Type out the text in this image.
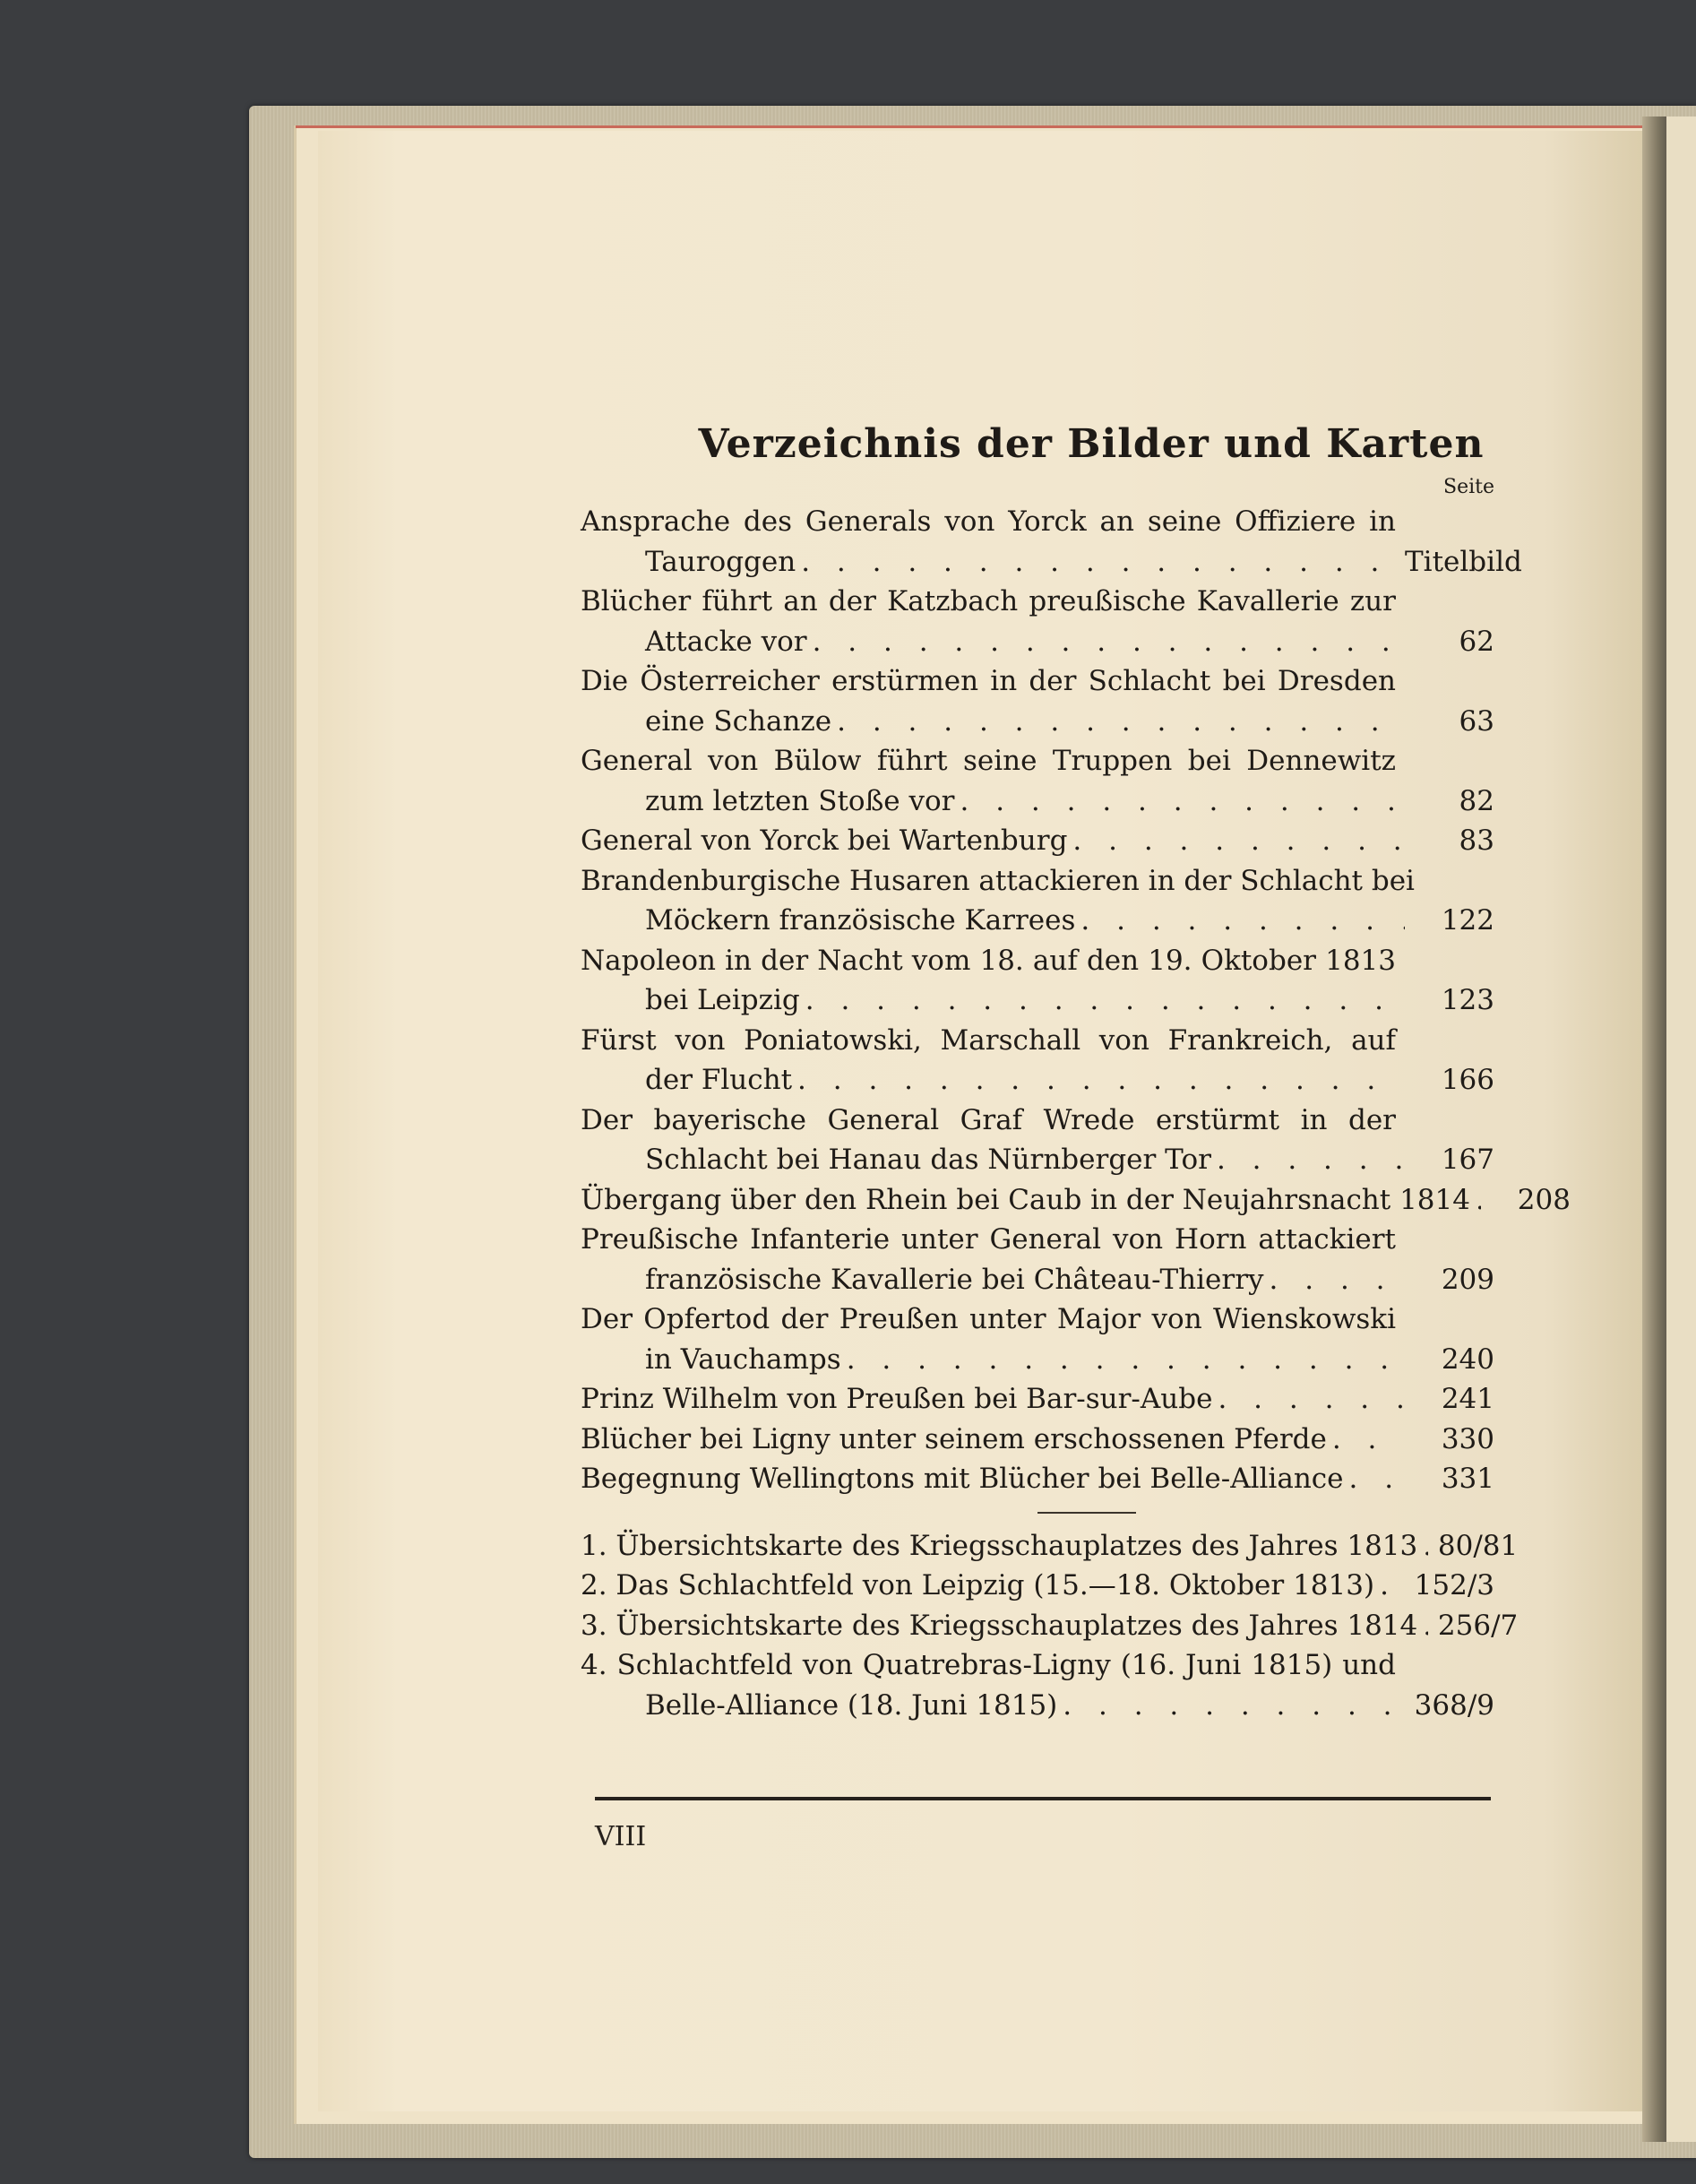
Verzeichnis der Bilder und Karten
Seite
Ansprache des Generals von Yorck an seine Offiziere in
Tauroggen . . .	Titelbild
Blücher führt an der Katzbach preußische Kavallerie zur
Attacke vor . . .	62
Die Österreicher erstürmen in der Schlacht bei Dresden
eine Schanze . . .	63
General von Bülow führt seine Truppen bei Dennewitz
zum letzten Stoße vor . . .	82
General von Yorck bei Wartenburg . . .	83
Brandenburgische Husaren attackieren in der Schlacht bei
Möckern französische Karrees . . .	122
Napoleon in der Nacht vom 18. auf den 19. Oktober 1813
bei Leipzig . . .	123
Fürst von Poniatowski, Marschall von Frankreich, auf
der Flucht . . .	166
Der bayerische General Graf Wrede erstürmt in der
Schlacht bei Hanau das Nürnberger Tor . . .	167
Übergang über den Rhein bei Caub in der Neujahrsnacht 1814 . . .	208
Preußische Infanterie unter General von Horn attackiert
französische Kavallerie bei Château-Thierry . . .	209
Der Opfertod der Preußen unter Major von Wienskowski
in Vauchamps . . .	240
Prinz Wilhelm von Preußen bei Bar-sur-Aube . . .	241
Blücher bei Ligny unter seinem erschossenen Pferde . . .	330
Begegnung Wellingtons mit Blücher bei Belle-Alliance . . .	331
1. Übersichtskarte des Kriegsschauplatzes des Jahres 1813 . . . 80/81
2. Das Schlachtfeld von Leipzig (15.—18. Oktober 1813) . . .	152/3
3. Übersichtskarte des Kriegsschauplatzes des Jahres 1814 . . . 256/7
4. Schlachtfeld von Quatrebras-Ligny (16. Juni 1815) und
Belle-Alliance (18. Juni 1815) . . .	368/9
VIII
